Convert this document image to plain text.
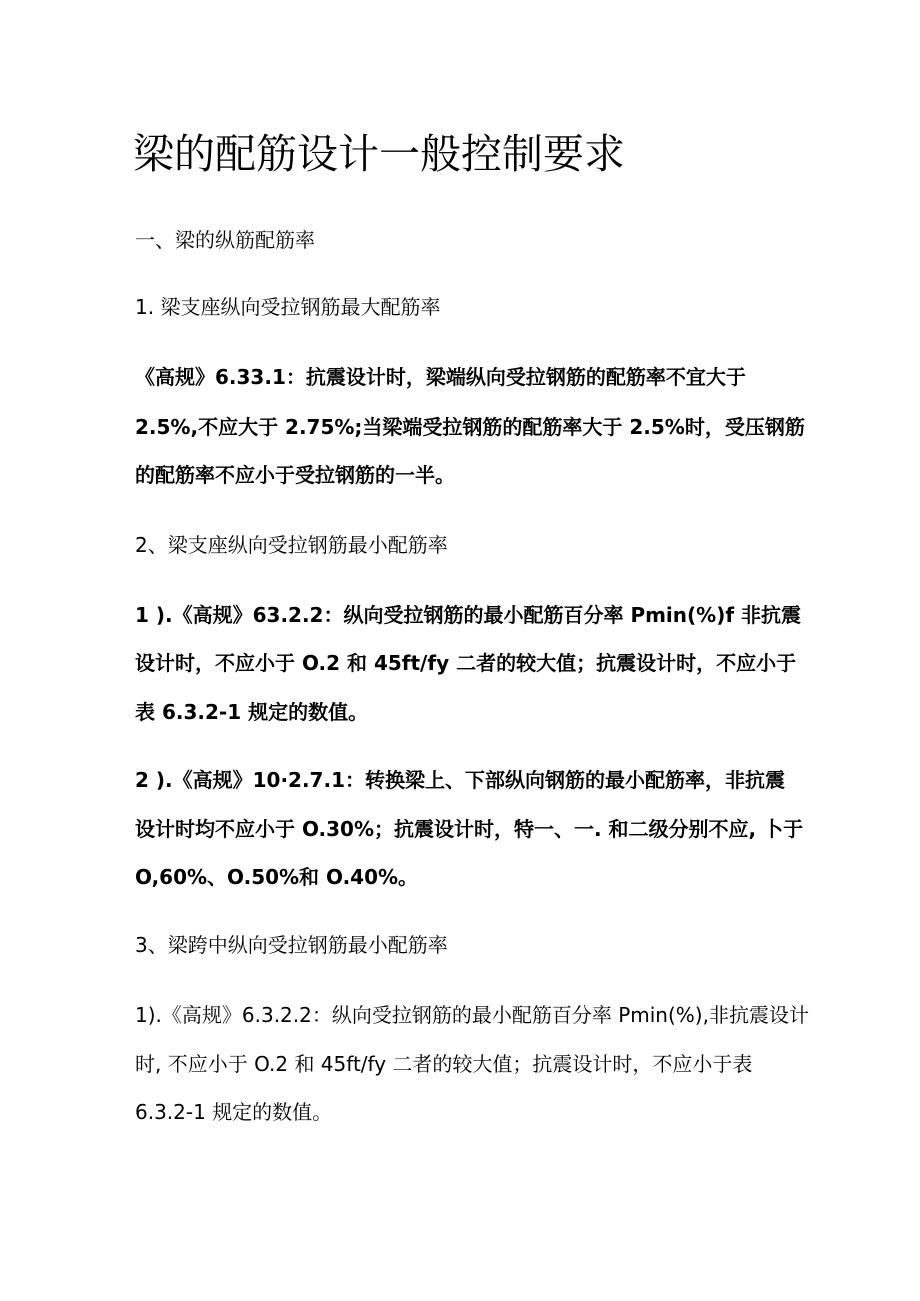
梁的配筋设计一般控制要求
一、梁的纵筋配筋率
1. 梁支座纵向受拉钢筋最大配筋率
《高规》6.33.1：抗震设计时，梁端纵向受拉钢筋的配筋率不宜大于
2.5%,不应大于 2.75%;当梁端受拉钢筋的配筋率大于 2.5%时，受压钢筋
的配筋率不应小于受拉钢筋的一半。
2、梁支座纵向受拉钢筋最小配筋率
1 ).《高规》63.2.2：纵向受拉钢筋的最小配筋百分率 Pmin(%)f 非抗震
设计时，不应小于 O.2 和 45ft/fy 二者的较大值；抗震设计时，不应小于
表 6.3.2-1 规定的数值。
2 ).《高规》10·2.7.1：转换梁上、下部纵向钢筋的最小配筋率，非抗震
设计时均不应小于 O.30%；抗震设计时，特一、一. 和二级分别不应, 卜于
O,60%、O.50%和 O.40%。
3、梁跨中纵向受拉钢筋最小配筋率
1).《高规》6.3.2.2：纵向受拉钢筋的最小配筋百分率 Pmin(%),非抗震设计
时, 不应小于 O.2 和 45ft/fy 二者的较大值；抗震设计时，不应小于表
6.3.2-1 规定的数值。
